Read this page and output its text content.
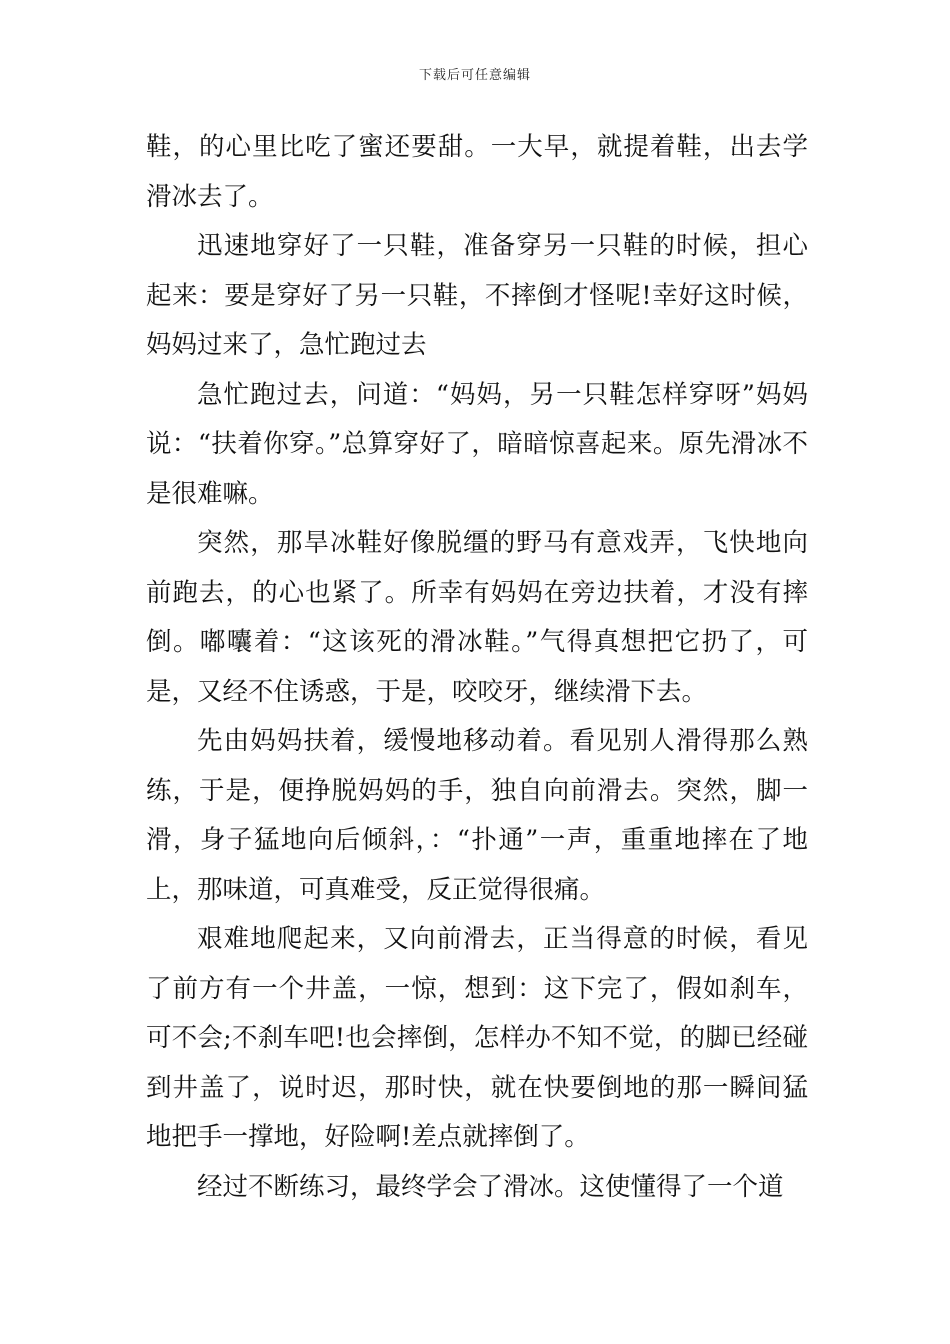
下载后可任意编辑

鞋，的心里比吃了蜜还要甜。一大早，就提着鞋，出去学滑冰去了。

迅速地穿好了一只鞋，准备穿另一只鞋的时候，担心起来：要是穿好了另一只鞋，不摔倒才怪呢!幸好这时候，妈妈过来了，急忙跑过去

急忙跑过去，问道：“妈妈，另一只鞋怎样穿呀”妈妈说：“扶着你穿。”总算穿好了，暗暗惊喜起来。原先滑冰不是很难嘛。

突然，那旱冰鞋好像脱缰的野马有意戏弄，飞快地向前跑去，的心也紧了。所幸有妈妈在旁边扶着，才没有摔倒。嘟囔着：“这该死的滑冰鞋。”气得真想把它扔了，可是，又经不住诱惑，于是，咬咬牙，继续滑下去。

先由妈妈扶着，缓慢地移动着。看见别人滑得那么熟练，于是，便挣脱妈妈的手，独自向前滑去。突然，脚一滑，身子猛地向后倾斜，：“扑通”一声，重重地摔在了地上，那味道，可真难受，反正觉得很痛。

艰难地爬起来，又向前滑去，正当得意的时候，看见了前方有一个井盖，一惊，想到：这下完了，假如刹车，可不会;不刹车吧!也会摔倒，怎样办不知不觉，的脚已经碰到井盖了，说时迟，那时快，就在快要倒地的那一瞬间猛地把手一撑地，好险啊!差点就摔倒了。

经过不断练习，最终学会了滑冰。这使懂得了一个道
